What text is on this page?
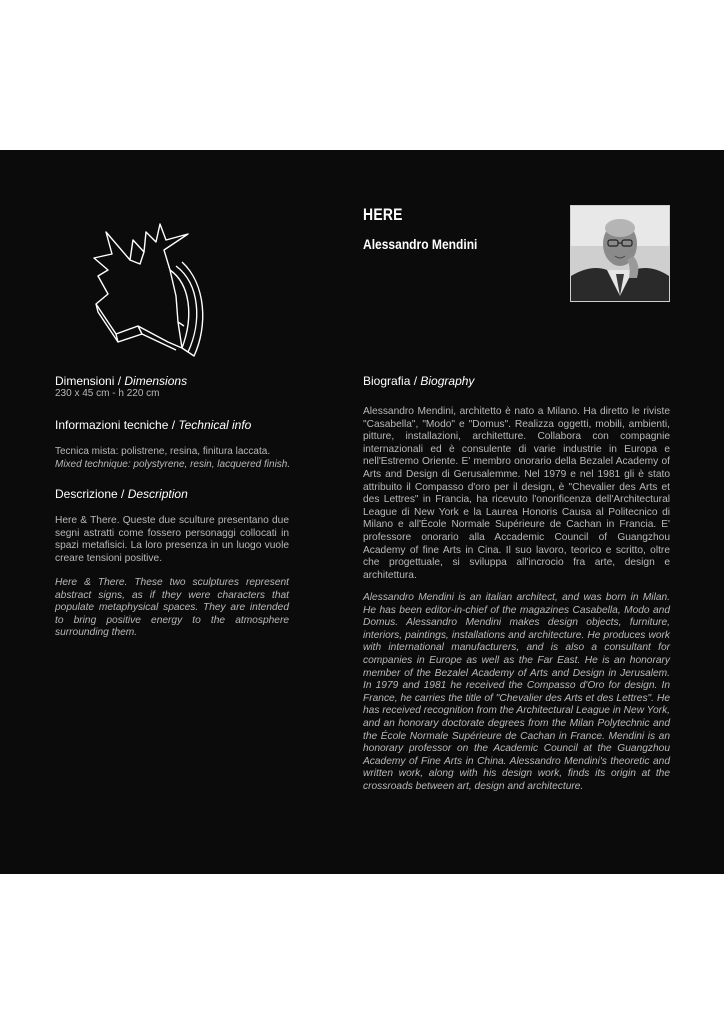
HERE
Alessandro Mendini
Dimensioni / Dimensions
230 x 45 cm - h 220 cm
Informazioni tecniche / Technical info
Tecnica mista: polistrene, resina, finitura laccata.
Mixed technique: polystyrene, resin, lacquered finish.
Descrizione / Description

Here & There. Queste due sculture presentano due segni astratti come fossero personaggi collocati in spazi metafisici. La loro presenza in un luogo vuole creare tensioni positive.

Here & There. These two sculptures represent abstract signs, as if they were characters that populate metaphysical spaces. They are intended to bring positive energy to the atmosphere surrounding them.

Biografia / Biography

Alessandro Mendini, architetto è nato a Milano. Ha diretto le riviste "Casabella", "Modo" e "Domus". Realizza oggetti, mobili, ambienti, pitture, installazioni, architetture. Collabora con compagnie internazionali ed è consulente di varie industrie in Europa e nell'Estremo Oriente. E' membro onorario della Bezalel Academy of Arts and Design di Gerusalemme. Nel 1979 e nel 1981 gli è stato attribuito il Compasso d'oro per il design, è "Chevalier des Arts et des Lettres" in Francia, ha ricevuto l'onorificenza dell'Architectural League di New York e la Laurea Honoris Causa al Politecnico di Milano e all'École Normale Supérieure de Cachan in Francia. E' professore onorario alla Accademic Council of Guangzhou Academy of fine Arts in Cina. Il suo lavoro, teorico e scritto, oltre che progettuale, si sviluppa all'incrocio fra arte, design e architettura.

Alessandro Mendini is an italian architect, and was born in Milan. He has been editor-in-chief of the magazines Casabella, Modo and Domus. Alessandro Mendini makes design objects, furniture, interiors, paintings, installations and architecture. He produces work with international manufacturers, and is also a consultant for companies in Europe as well as the Far East. He is an honorary member of the Bezalel Academy of Arts and Design in Jerusalem. In 1979 and 1981 he received the Compasso d'Oro for design. In France, he carries the title of "Chevalier des Arts et des Lettres". He has received recognition from the Architectural League in New York, and an honorary doctorate degrees from the Milan Polytechnic and the École Normale Supérieure de Cachan in France. Mendini is an honorary professor on the Academic Council at the Guangzhou Academy of Fine Arts in China. Alessandro Mendini's theoretic and written work, along with his design work, finds its origin at the crossroads between art, design and architecture.
